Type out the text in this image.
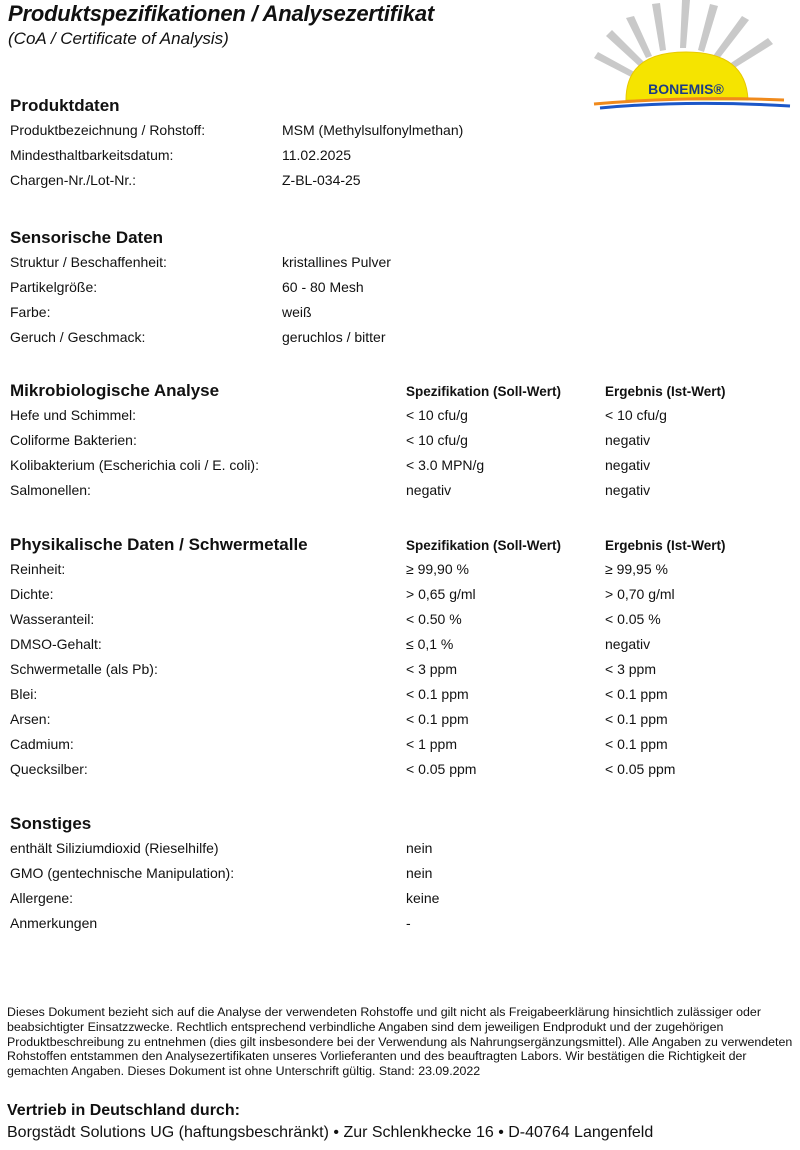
Produktspezifikationen / Analysezertifikat
(CoA / Certificate of Analysis)
BONEMIS®
Produktdaten
Produktbezeichnung / Rohstoff:	MSM (Methylsulfonylmethan)
Mindesthaltbarkeitsdatum:	11.02.2025
Chargen-Nr./Lot-Nr.:	Z-BL-034-25
Sensorische Daten
Struktur / Beschaffenheit:	kristallines Pulver
Partikelgröße:	60 - 80 Mesh
Farbe:	weiß
Geruch / Geschmack:	geruchlos / bitter
Mikrobiologische Analyse	Spezifikation (Soll-Wert)	Ergebnis (Ist-Wert)
Hefe und Schimmel:	< 10 cfu/g	< 10 cfu/g
Coliforme Bakterien:	< 10 cfu/g	negativ
Kolibakterium (Escherichia coli / E. coli):	< 3.0 MPN/g	negativ
Salmonellen:	negativ	negativ
Physikalische Daten / Schwermetalle	Spezifikation (Soll-Wert)	Ergebnis (Ist-Wert)
Reinheit:	≥ 99,90 %	≥ 99,95 %
Dichte:	> 0,65 g/ml	> 0,70 g/ml
Wasseranteil:	< 0.50 %	< 0.05 %
DMSO-Gehalt:	≤ 0,1 %	negativ
Schwermetalle (als Pb):	< 3 ppm	< 3 ppm
Blei:	< 0.1 ppm	< 0.1 ppm
Arsen:	< 0.1 ppm	< 0.1 ppm
Cadmium:	< 1 ppm	< 0.1 ppm
Quecksilber:	< 0.05 ppm	< 0.05 ppm
Sonstiges
enthält Siliziumdioxid (Rieselhilfe)	nein
GMO (gentechnische Manipulation):	nein
Allergene:	keine
Anmerkungen	-

Dieses Dokument bezieht sich auf die Analyse der verwendeten Rohstoffe und gilt nicht als Freigabeerklärung hinsichtlich zulässiger oder beabsichtigter Einsatzzwecke. Rechtlich entsprechend verbindliche Angaben sind dem jeweiligen Endprodukt und der zugehörigen Produktbeschreibung zu entnehmen (dies gilt insbesondere bei der Verwendung als Nahrungsergänzungsmittel). Alle Angaben zu verwendeten Rohstoffen entstammen den Analysezertifikaten unseres Vorlieferanten und des beauftragten Labors. Wir bestätigen die Richtigkeit der gemachten Angaben. Dieses Dokument ist ohne Unterschrift gültig. Stand: 23.09.2022

Vertrieb in Deutschland durch:
Borgstädt Solutions UG (haftungsbeschränkt) • Zur Schlenkhecke 16 • D-40764 Langenfeld
